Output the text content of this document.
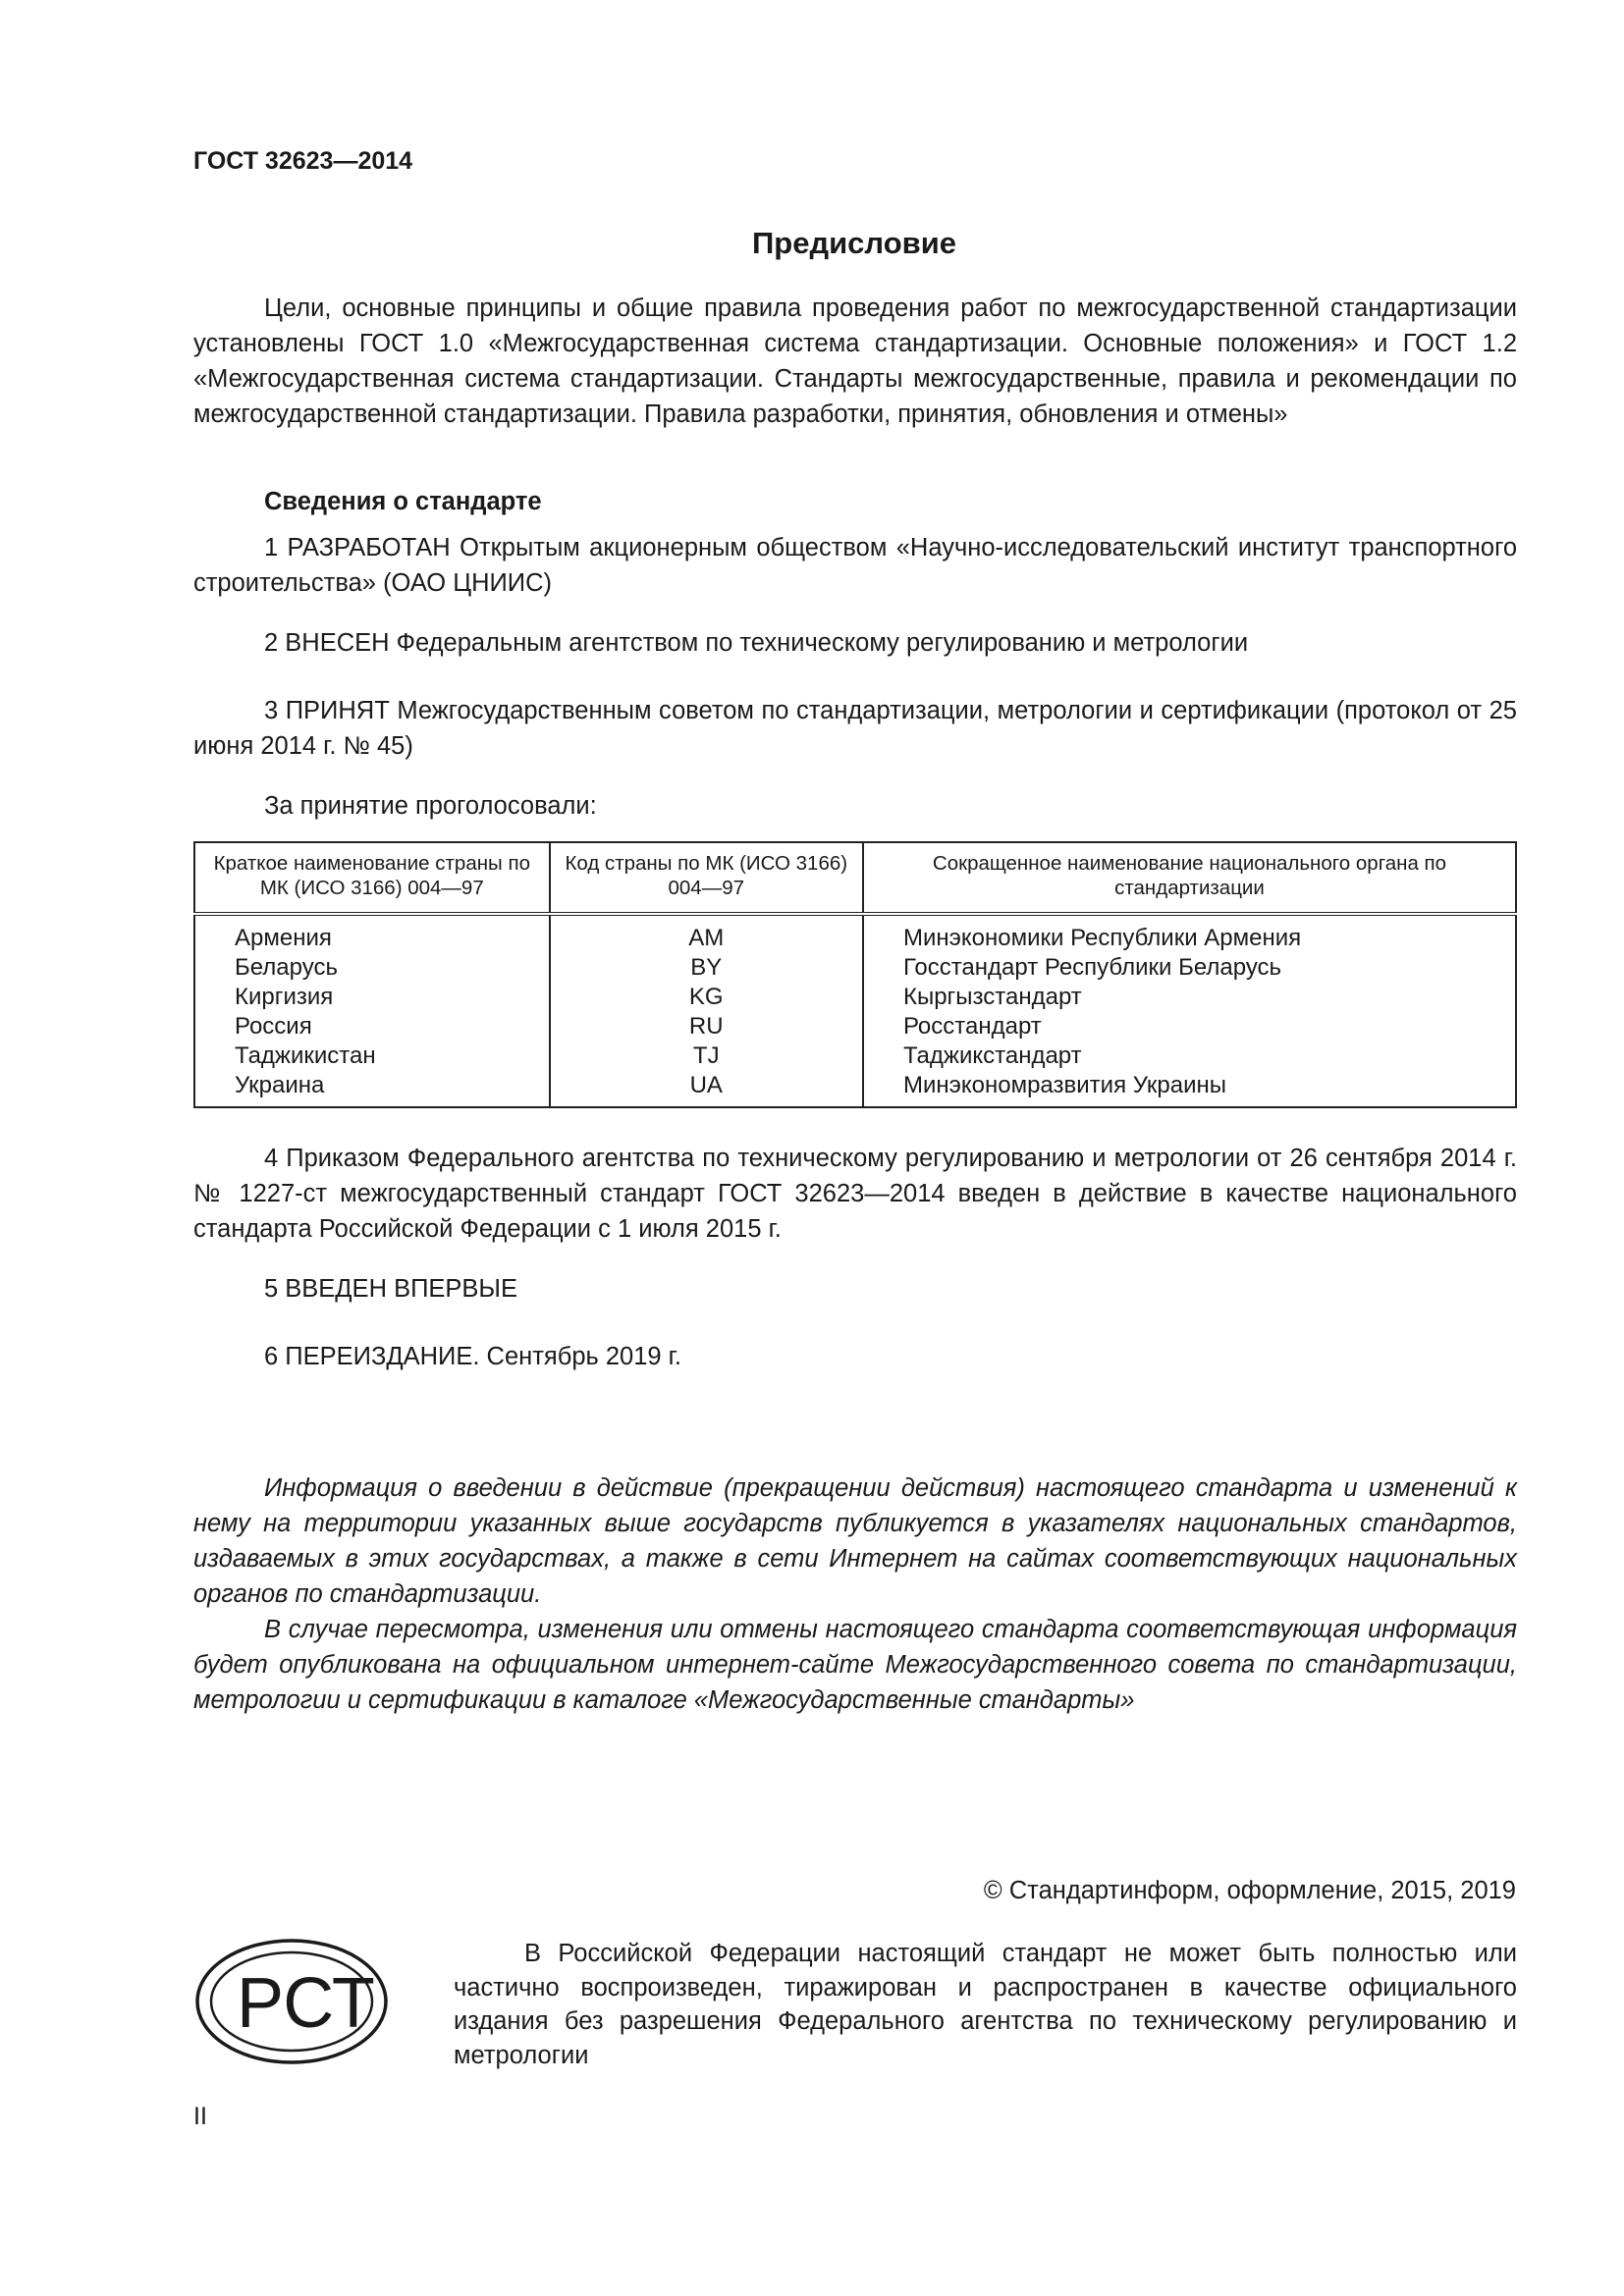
ГОСТ 32623—2014
Предисловие

Цели, основные принципы и общие правила проведения работ по межгосударственной стандартизации установлены ГОСТ 1.0 «Межгосударственная система стандартизации. Основные положения» и ГОСТ 1.2 «Межгосударственная система стандартизации. Стандарты межгосударственные, правила и рекомендации по межгосударственной стандартизации. Правила разработки, принятия, обновления и отмены»

Сведения о стандарте

1 РАЗРАБОТАН Открытым акционерным обществом «Научно-исследовательский институт транспортного строительства» (ОАО ЦНИИС)

2 ВНЕСЕН Федеральным агентством по техническому регулированию и метрологии

3 ПРИНЯТ Межгосударственным советом по стандартизации, метрологии и сертификации (протокол от 25 июня 2014 г. № 45)

За принятие проголосовали:

Краткое наименование страны по МК (ИСО 3166) 004—97	Код страны по МК (ИСО 3166) 004—97	Сокращенное наименование национального органа по стандартизации
Армения	AM	Минэкономики Республики Армения
Беларусь	BY	Госстандарт Республики Беларусь
Киргизия	KG	Кыргызстандарт
Россия	RU	Росстандарт
Таджикистан	TJ	Таджикстандарт
Украина	UA	Минэкономразвития Украины

4 Приказом Федерального агентства по техническому регулированию и метрологии от 26 сентября 2014 г. № 1227-ст межгосударственный стандарт ГОСТ 32623—2014 введен в действие в качестве национального стандарта Российской Федерации с 1 июля 2015 г.

5 ВВЕДЕН ВПЕРВЫЕ

6 ПЕРЕИЗДАНИЕ. Сентябрь 2019 г.

Информация о введении в действие (прекращении действия) настоящего стандарта и изменений к нему на территории указанных выше государств публикуется в указателях национальных стандартов, издаваемых в этих государствах, а также в сети Интернет на сайтах соответствующих национальных органов по стандартизации.

В случае пересмотра, изменения или отмены настоящего стандарта соответствующая информация будет опубликована на официальном интернет-сайте Межгосударственного совета по стандартизации, метрологии и сертификации в каталоге «Межгосударственные стандарты»

© Стандартинформ, оформление, 2015, 2019
РСТ

В Российской Федерации настоящий стандарт не может быть полностью или частично воспроизведен, тиражирован и распространен в качестве официального издания без разрешения Федерального агентства по техническому регулированию и метрологии

II
